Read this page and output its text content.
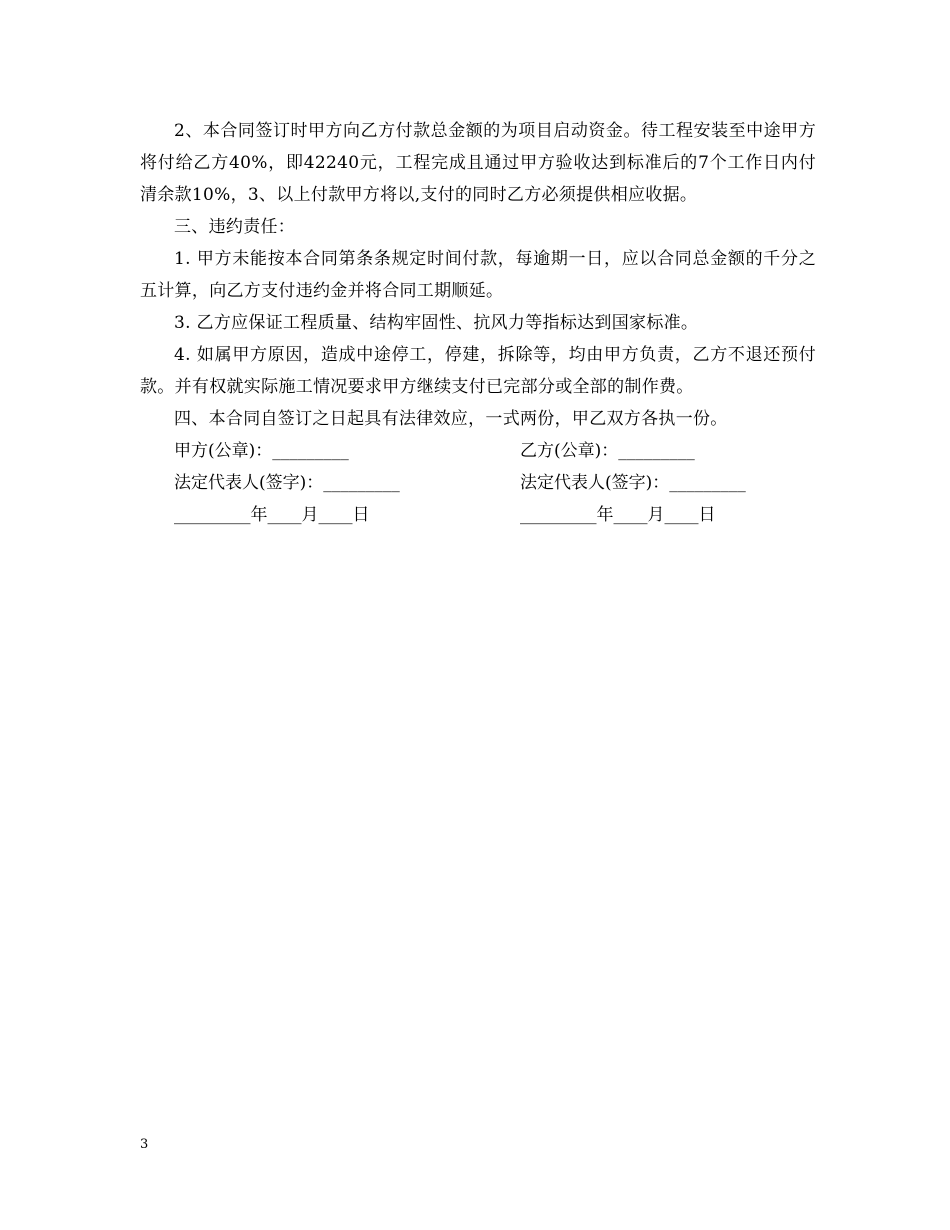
2、本合同签订时甲方向乙方付款总金额的为项目启动资金。待工程安装至中途甲方将付给乙方40%，即42240元，工程完成且通过甲方验收达到标准后的7个工作日内付清余款10%，3、以上付款甲方将以,支付的同时乙方必须提供相应收据。

三、违约责任：

1. 甲方未能按本合同第条条规定时间付款，每逾期一日，应以合同总金额的千分之五计算，向乙方支付违约金并将合同工期顺延。

3. 乙方应保证工程质量、结构牢固性、抗风力等指标达到国家标准。

4. 如属甲方原因，造成中途停工，停建，拆除等，均由甲方负责，乙方不退还预付款。并有权就实际施工情况要求甲方继续支付已完部分或全部的制作费。

四、本合同自签订之日起具有法律效应，一式两份，甲乙双方各执一份。

甲方(公章)：_________	乙方(公章)：_________
法定代表人(签字)：_________	法定代表人(签字)：_________
_________年____月____日	_________年____月____日
3
